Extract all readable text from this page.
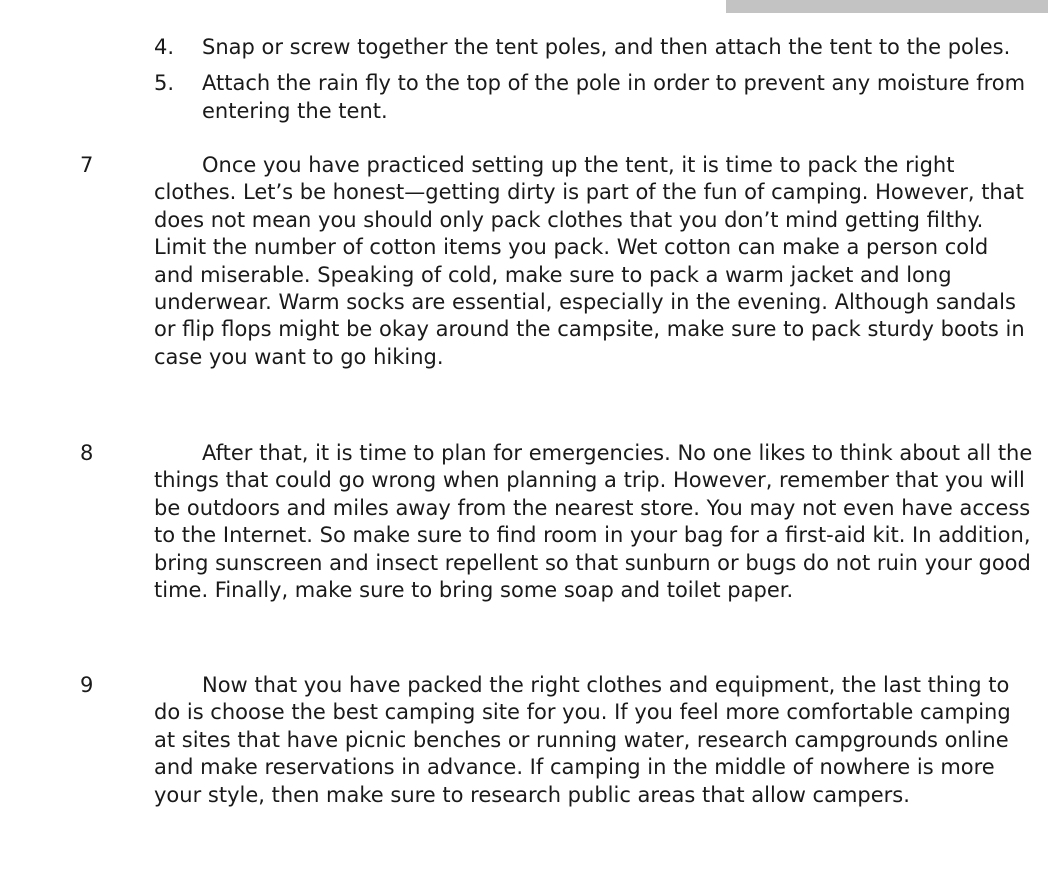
4.	Snap or screw together the tent poles, and then attach the tent to the poles.
5.	Attach the rain fly to the top of the pole in order to prevent any moisture from entering the tent.
7	Once you have practiced setting up the tent, it is time to pack the right clothes. Let’s be honest—getting dirty is part of the fun of camping. However, that does not mean you should only pack clothes that you don’t mind getting filthy. Limit the number of cotton items you pack. Wet cotton can make a person cold and miserable. Speaking of cold, make sure to pack a warm jacket and long underwear. Warm socks are essential, especially in the evening. Although sandals or flip flops might be okay around the campsite, make sure to pack sturdy boots in case you want to go hiking.

8	After that, it is time to plan for emergencies. No one likes to think about all the things that could go wrong when planning a trip. However, remember that you will be outdoors and miles away from the nearest store. You may not even have access to the Internet. So make sure to find room in your bag for a first-aid kit. In addition, bring sunscreen and insect repellent so that sunburn or bugs do not ruin your good time. Finally, make sure to bring some soap and toilet paper.

9	Now that you have packed the right clothes and equipment, the last thing to do is choose the best camping site for you. If you feel more comfortable camping at sites that have picnic benches or running water, research campgrounds online and make reservations in advance. If camping in the middle of nowhere is more your style, then make sure to research public areas that allow campers.
